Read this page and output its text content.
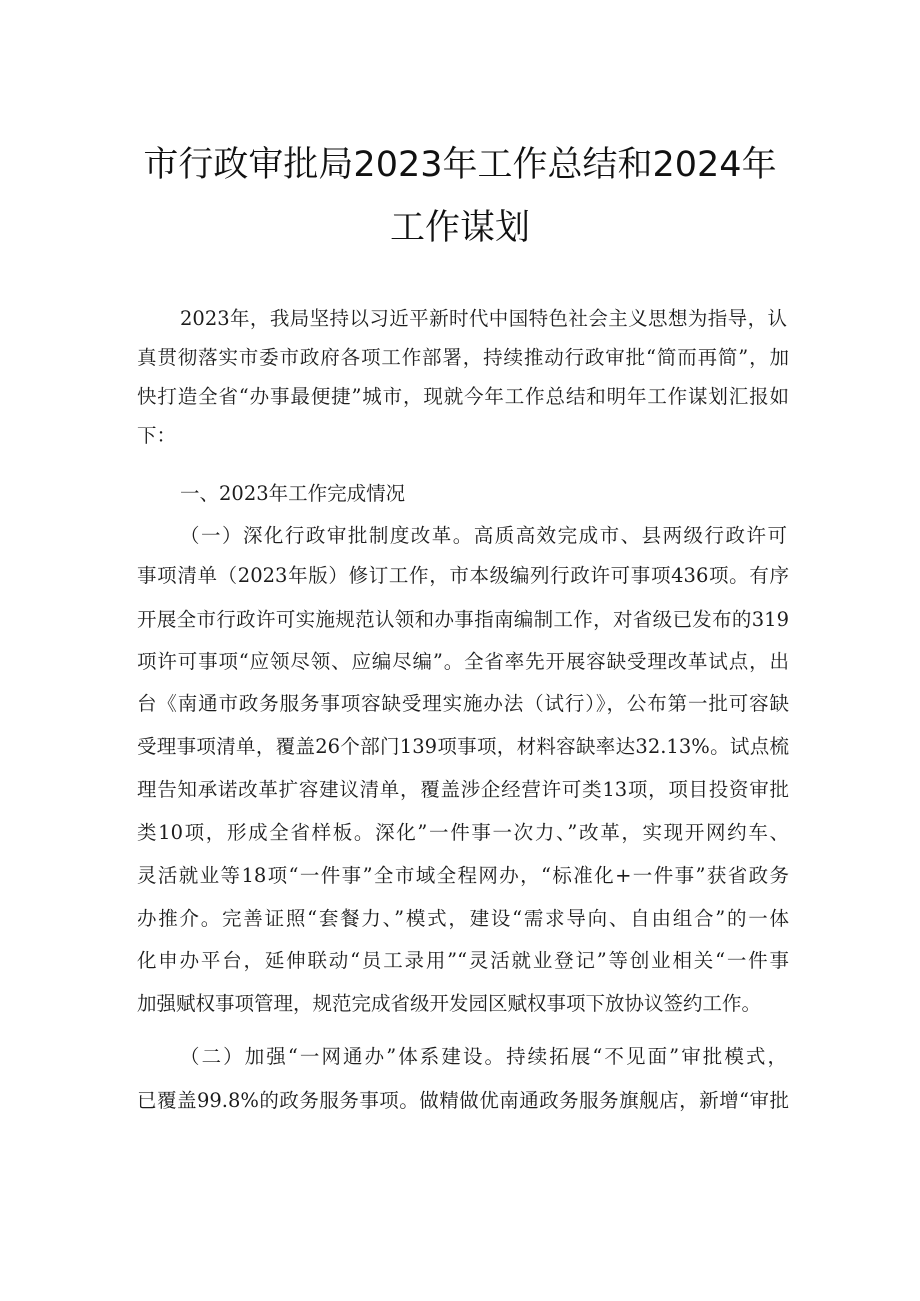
市行政审批局2023年工作总结和2024年
工作谋划
2023年，我局坚持以习近平新时代中国特色社会主义思想为指导，认
真贯彻落实市委市政府各项工作部署，持续推动行政审批“简而再简”，加
快打造全省“办事最便捷”城市，现就今年工作总结和明年工作谋划汇报如
下：
一、2023年工作完成情况
（一）深化行政审批制度改革。高质高效完成市、县两级行政许可
事项清单（2023年版）修订工作，市本级编列行政许可事项436项。有序
开展全市行政许可实施规范认领和办事指南编制工作，对省级已发布的319
项许可事项“应领尽领、应编尽编”。全省率先开展容缺受理改革试点，出
台《南通市政务服务事项容缺受理实施办法（试行）》，公布第一批可容缺
受理事项清单，覆盖26个部门139项事项，材料容缺率达32.13%。试点梳
理告知承诺改革扩容建议清单，覆盖涉企经营许可类13项，项目投资审批
类10项，形成全省样板。深化”一件事一次力、”改革，实现开网约车、
灵活就业等18项“一件事”全市域全程网办，“标准化+一件事”获省政务
办推介。完善证照“套餐力、”模式，建设“需求导向、自由组合”的一体
化申办平台，延伸联动“员工录用”“灵活就业登记”等创业相关“一件事
加强赋权事项管理，规范完成省级开发园区赋权事项下放协议签约工作。
（二）加强“一网通办”体系建设。持续拓展“不见面”审批模式，
已覆盖99.8%的政务服务事项。做精做优南通政务服务旗舰店，新增“审批
